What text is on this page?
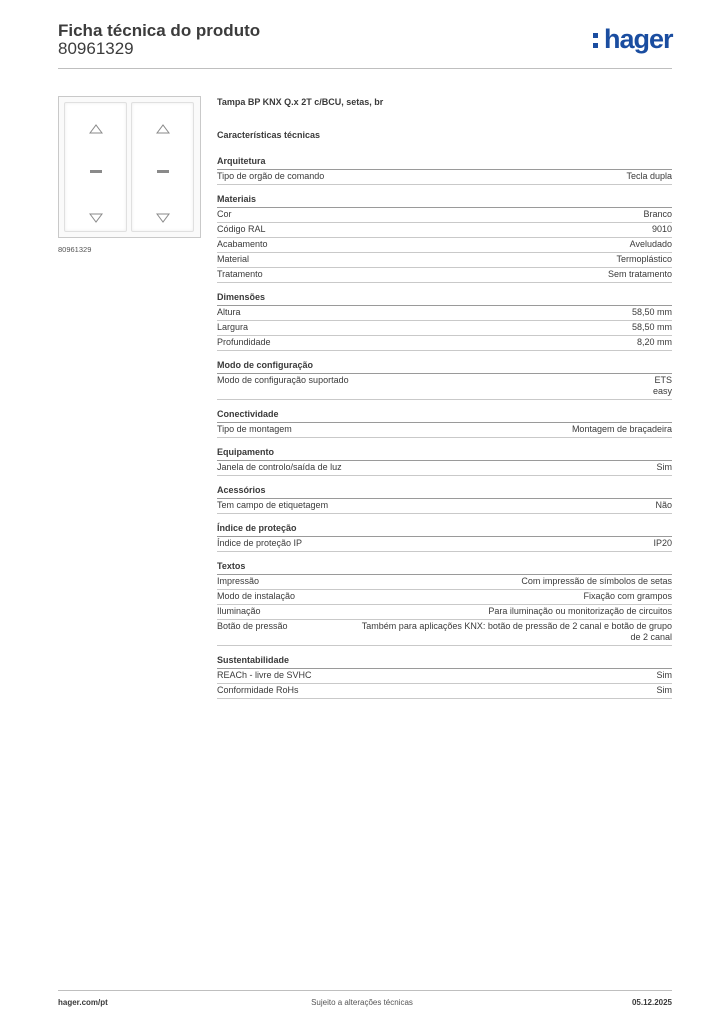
Ficha técnica do produto
80961329	hager
80961329
Tampa BP KNX Q.x 2T c/BCU, setas, br
Características técnicas
Arquitetura
Tipo de orgão de comando	Tecla dupla
Materiais
Cor	Branco
Código RAL	9010
Acabamento	Aveludado
Material	Termoplástico
Tratamento	Sem tratamento
Dimensões
Altura	58,50 mm
Largura	58,50 mm
Profundidade	8,20 mm
Modo de configuração
Modo de configuração suportado	ETS
easy
Conectividade
Tipo de montagem	Montagem de braçadeira
Equipamento
Janela de controlo/saída de luz	Sim
Acessórios
Tem campo de etiquetagem	Não
Índice de proteção
Índice de proteção IP	IP20
Textos
Impressão	Com impressão de símbolos de setas
Modo de instalação	Fixação com grampos
Iluminação	Para iluminação ou monitorização de circuitos
Botão de pressão	Também para aplicações KNX: botão de pressão de 2 canal e botão de grupo de 2 canal
Sustentabilidade
REACh - livre de SVHC	Sim
Conformidade RoHs	Sim
hager.com/pt	Sujeito a alterações técnicas	05.12.2025
